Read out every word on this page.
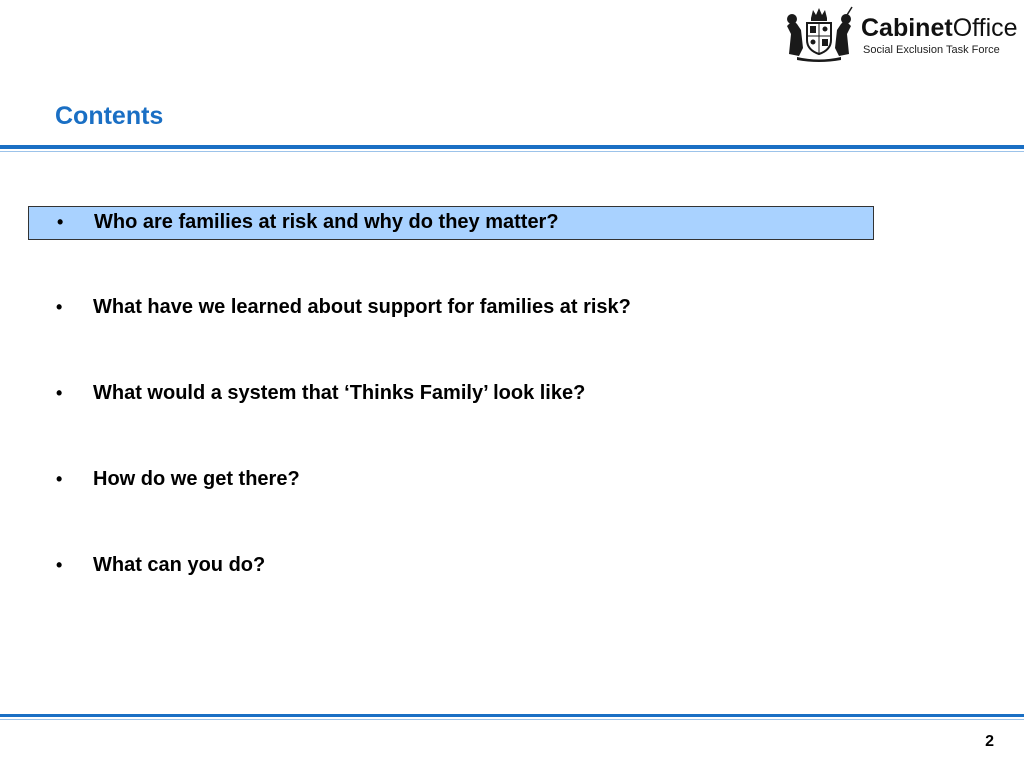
CabinetOffice
Social Exclusion Task Force
Contents
• Who are families at risk and why do they matter?
• What have we learned about support for families at risk?
• What would a system that ‘Thinks Family’ look like?
• How do we get there?
• What can you do?
2
